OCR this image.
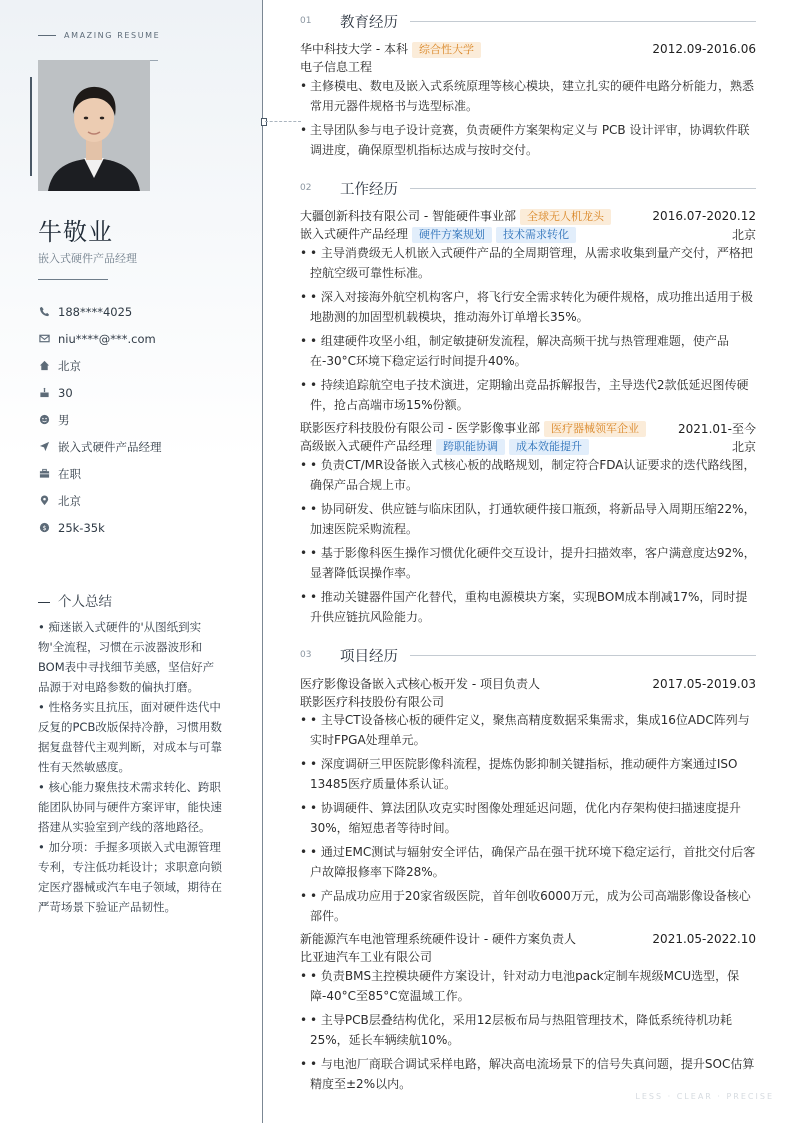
AMAZING RESUME
牛敬业
嵌入式硬件产品经理
188****4025
niu****@***.com
北京
30
男
嵌入式硬件产品经理
在职
北京
$ 25k-35k
个人总结
• 痴迷嵌入式硬件的'从图纸到实物'全流程，习惯在示波器波形和BOM表中寻找细节美感，坚信好产品源于对电路参数的偏执打磨。
• 性格务实且抗压，面对硬件迭代中反复的PCB改版保持冷静，习惯用数据复盘替代主观判断，对成本与可靠性有天然敏感度。
• 核心能力聚焦技术需求转化、跨职能团队协同与硬件方案评审，能快速搭建从实验室到产线的落地路径。
• 加分项：手握多项嵌入式电源管理专利，专注低功耗设计；求职意向锁定医疗器械或汽车电子领域，期待在严苛场景下验证产品韧性。
01	教育经历
华中科技大学 - 本科 综合性大学	2012.09-2016.06
电子信息工程
• 主修模电、数电及嵌入式系统原理等核心模块，建立扎实的硬件电路分析能力，熟悉常用元器件规格书与选型标准。
• 主导团队参与电子设计竞赛，负责硬件方案架构定义与 PCB 设计评审，协调软件联调进度，确保原型机指标达成与按时交付。
02	工作经历
大疆创新科技有限公司 - 智能硬件事业部 全球无人机龙头	2016.07-2020.12
嵌入式硬件产品经理 硬件方案规划 技术需求转化	北京
• • 主导消费级无人机嵌入式硬件产品的全周期管理，从需求收集到量产交付，严格把控航空级可靠性标准。
• • 深入对接海外航空机构客户，将飞行安全需求转化为硬件规格，成功推出适用于极地勘测的加固型机载模块，推动海外订单增长35%。
• • 组建硬件攻坚小组，制定敏捷研发流程，解决高频干扰与热管理难题，使产品在-30°C环境下稳定运行时间提升40%。
• • 持续追踪航空电子技术演进，定期输出竞品拆解报告，主导迭代2款低延迟图传硬件，抢占高端市场15%份额。
联影医疗科技股份有限公司 - 医学影像事业部 医疗器械领军企业	2021.01-至今
高级嵌入式硬件产品经理 跨职能协调 成本效能提升	北京
• • 负责CT/MR设备嵌入式核心板的战略规划，制定符合FDA认证要求的迭代路线图，确保产品合规上市。
• • 协同研发、供应链与临床团队，打通软硬件接口瓶颈，将新品导入周期压缩22%，加速医院采购流程。
• • 基于影像科医生操作习惯优化硬件交互设计，提升扫描效率，客户满意度达92%，显著降低误操作率。
• • 推动关键器件国产化替代，重构电源模块方案，实现BOM成本削减17%，同时提升供应链抗风险能力。
03	项目经历
医疗影像设备嵌入式核心板开发 - 项目负责人	2017.05-2019.03
联影医疗科技股份有限公司
• • 主导CT设备核心板的硬件定义，聚焦高精度数据采集需求，集成16位ADC阵列与实时FPGA处理单元。
• • 深度调研三甲医院影像科流程，提炼伪影抑制关键指标，推动硬件方案通过ISO 13485医疗质量体系认证。
• • 协调硬件、算法团队攻克实时图像处理延迟问题，优化内存架构使扫描速度提升30%，缩短患者等待时间。
• • 通过EMC测试与辐射安全评估，确保产品在强干扰环境下稳定运行，首批交付后客户故障报修率下降28%。
• • 产品成功应用于20家省级医院，首年创收6000万元，成为公司高端影像设备核心部件。
新能源汽车电池管理系统硬件设计 - 硬件方案负责人	2021.05-2022.10
比亚迪汽车工业有限公司
• • 负责BMS主控模块硬件方案设计，针对动力电池pack定制车规级MCU选型，保障-40°C至85°C宽温域工作。
• • 主导PCB层叠结构优化，采用12层板布局与热阻管理技术，降低系统待机功耗25%，延长车辆续航10%。
• • 与电池厂商联合调试采样电路，解决高电流场景下的信号失真问题，提升SOC估算精度至±2%以内。
LESS · CLEAR · PRECISE
